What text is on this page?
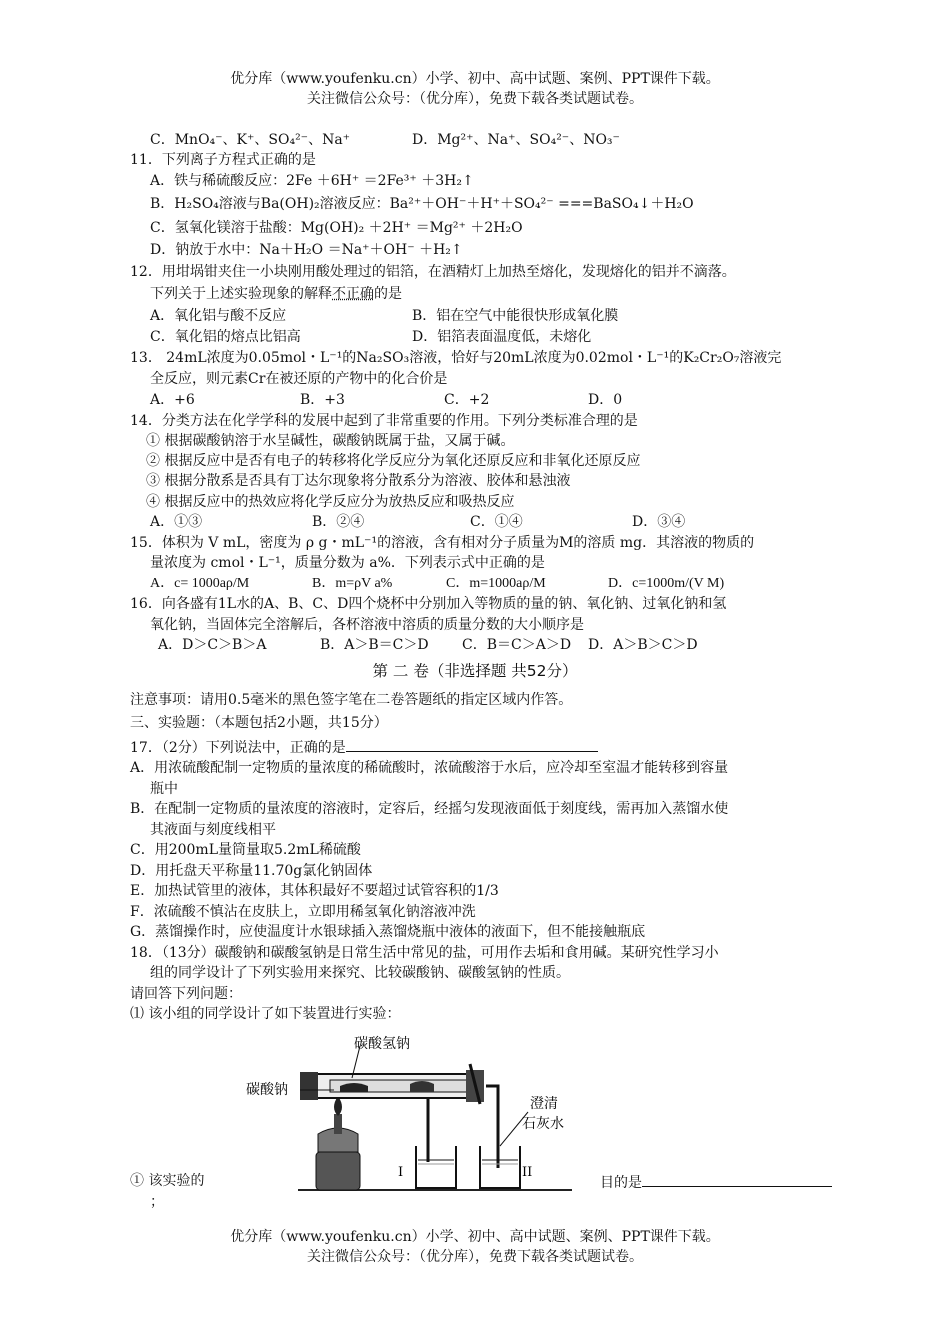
优分库（www.youfenku.cn）小学、初中、高中试题、案例、PPT课件下载。
关注微信公众号：（优分库），免费下载各类试题试卷。
C．MnO₄⁻、K⁺、SO₄²⁻、Na⁺	D．Mg²⁺、Na⁺、SO₄²⁻、NO₃⁻
11．下列离子方程式正确的是
A．铁与稀硫酸反应：2Fe ＋6H⁺ ＝2Fe³⁺ ＋3H₂↑
B．H₂SO₄溶液与Ba(OH)₂溶液反应：Ba²⁺＋OH⁻＋H⁺＋SO₄²⁻ ===BaSO₄↓＋H₂O
C．氢氧化镁溶于盐酸：Mg(OH)₂ ＋2H⁺ ＝Mg²⁺ ＋2H₂O
D．钠放于水中：Na＋H₂O ＝Na⁺＋OH⁻ ＋H₂↑
12．用坩埚钳夹住一小块刚用酸处理过的铝箔，在酒精灯上加热至熔化，发现熔化的铝并不滴落。
下列关于上述实验现象的解释不正确的是
A．氧化铝与酸不反应	B．铝在空气中能很快形成氧化膜
C．氧化铝的熔点比铝高	D．铝箔表面温度低，未熔化
13． 24mL浓度为0.05mol・L⁻¹的Na₂SO₃溶液，恰好与20mL浓度为0.02mol・L⁻¹的K₂Cr₂O₇溶液完
全反应，则元素Cr在被还原的产物中的化合价是
A．+6	B．+3	C．+2	D．0
14．分类方法在化学学科的发展中起到了非常重要的作用。下列分类标准合理的是
① 根据碳酸钠溶于水呈碱性，碳酸钠既属于盐，又属于碱。
② 根据反应中是否有电子的转移将化学反应分为氧化还原反应和非氧化还原反应
③ 根据分散系是否具有丁达尔现象将分散系分为溶液、胶体和悬浊液
④ 根据反应中的热效应将化学反应分为放热反应和吸热反应
A．①③	B．②④	C．①④	D．③④
15．体积为 V mL，密度为 ρ g・mL⁻¹的溶液，含有相对分子质量为M的溶质 mg．其溶液的物质的
量浓度为 cmol・L⁻¹，质量分数为 a%．下列表示式中正确的是
A．c= 1000aρ/M	B．m=ρV a%	C．m=1000aρ/M	D．c=1000m/(V M)
16．向各盛有1L水的A、B、C、D四个烧杯中分别加入等物质的量的钠、氧化钠、过氧化钠和氢
氧化钠，当固体完全溶解后，各杯溶液中溶质的质量分数的大小顺序是
A．D＞C＞B＞A	B．A＞B＝C＞D C．B＝C＞A＞D D．A＞B＞C＞D
第 二 卷（非选择题 共52分）
注意事项：请用0.5毫米的黑色签字笔在二卷答题纸的指定区域内作答。
三、实验题：（本题包括2小题，共15分）
17．（2分）下列说法中，正确的是
A．用浓硫酸配制一定物质的量浓度的稀硫酸时，浓硫酸溶于水后，应冷却至室温才能转移到容量
瓶中
B．在配制一定物质的量浓度的溶液时，定容后，经摇匀发现液面低于刻度线，需再加入蒸馏水使
其液面与刻度线相平
C．用200mL量筒量取5.2mL稀硫酸
D．用托盘天平称量11.70g氯化钠固体
E．加热试管里的液体，其体积最好不要超过试管容积的1/3
F．浓硫酸不慎沾在皮肤上，立即用稀氢氧化钠溶液冲洗
G．蒸馏操作时，应使温度计水银球插入蒸馏烧瓶中液体的液面下，但不能接触瓶底
18．（13分）碳酸钠和碳酸氢钠是日常生活中常见的盐，可用作去垢和食用碱。某研究性学习小
组的同学设计了下列实验用来探究、比较碳酸钠、碳酸氢钠的性质。
请回答下列问题：
⑴ 该小组的同学设计了如下装置进行实验：
碳酸氢钠
碳酸钠
澄清
石灰水
I	II
① 该实验的	目的是
；
优分库（www.youfenku.cn）小学、初中、高中试题、案例、PPT课件下载。
关注微信公众号：（优分库），免费下载各类试题试卷。
